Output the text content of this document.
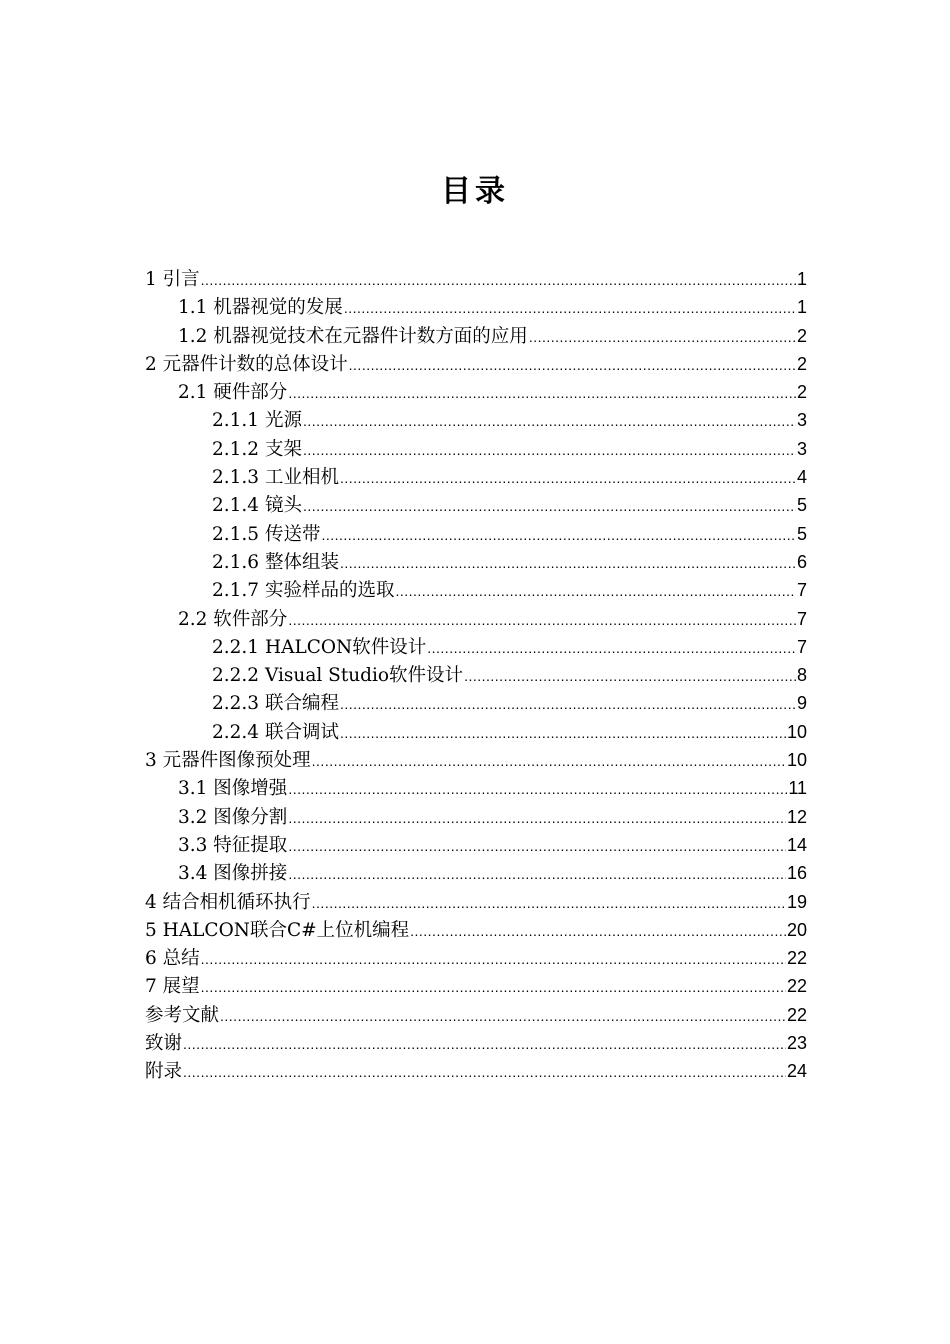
目录
1 引言 .....	1
1.1 机器视觉的发展 .....	1
1.2 机器视觉技术在元器件计数方面的应用 .....	2
2 元器件计数的总体设计 .....	2
2.1 硬件部分 .....	2
2.1.1 光源 .....	3
2.1.2 支架 .....	3
2.1.3 工业相机 .....	4
2.1.4 镜头 .....	5
2.1.5 传送带 .....	5
2.1.6 整体组装 .....	6
2.1.7 实验样品的选取 .....	7
2.2 软件部分 .....	7
2.2.1 HALCON软件设计 .....	7
2.2.2 Visual Studio软件设计 .....	8
2.2.3 联合编程 .....	9
2.2.4 联合调试 .....	10
3 元器件图像预处理 .....	10
3.1 图像增强 .....	11
3.2 图像分割 .....	12
3.3 特征提取 .....	14
3.4 图像拼接 .....	16
4 结合相机循环执行 .....	19
5 HALCON联合C#上位机编程 .....	20
6 总结 .....	22
7 展望 .....	22
参考文献 .....	22
致谢 .....	23
附录 .....	24
